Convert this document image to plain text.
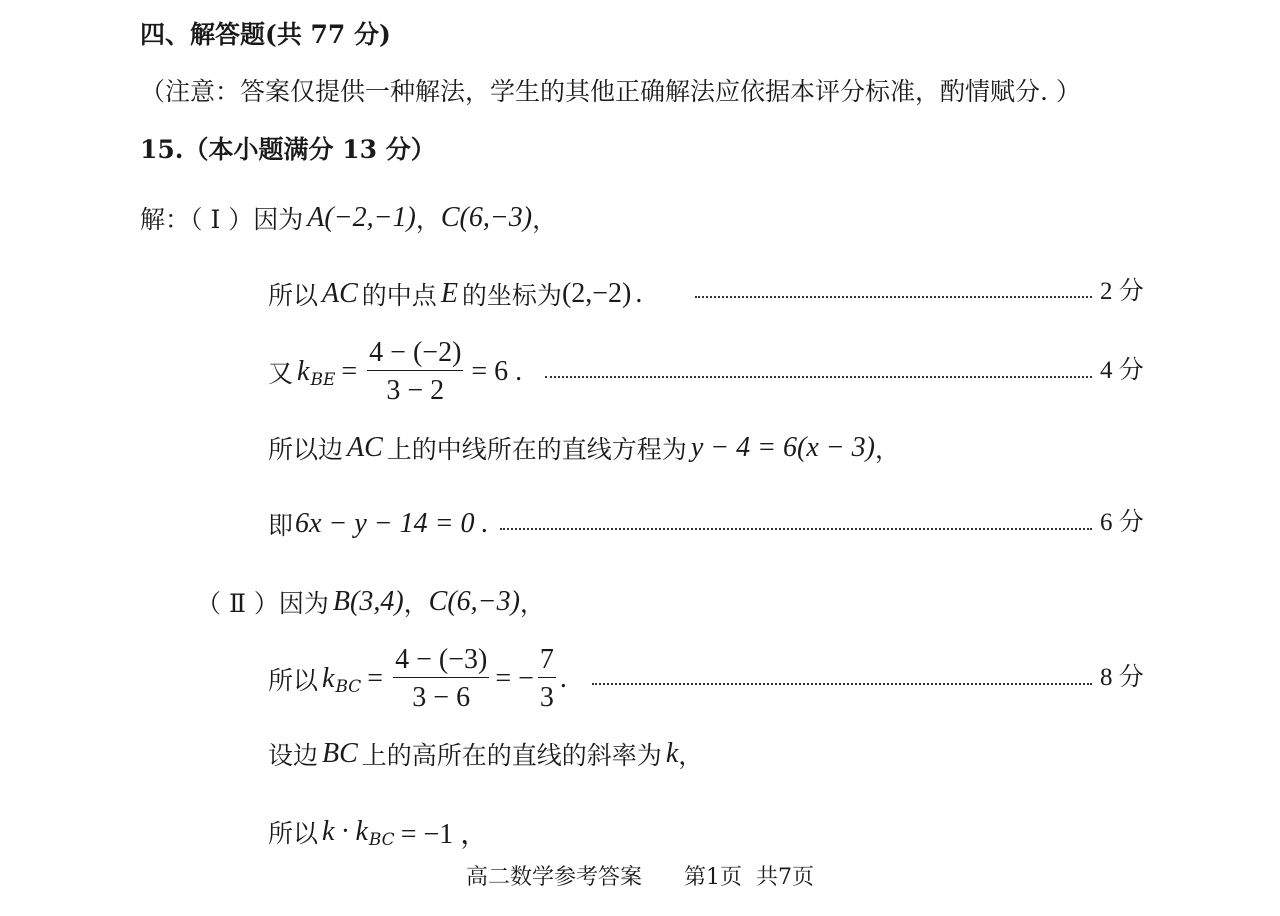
四、解答题(共 77 分)
（注意：答案仅提供一种解法，学生的其他正确解法应依据本评分标准，酌情赋分. ）
15.（本小题满分 13 分）
解：（ Ⅰ ）因为 A(−2,−1) ， C(6,−3) ，
所以 AC 的中点 E 的坐标为 (2,−2) .	2 分
又 k BE = $\frac{4 - (-2)}{3 - 2} = 6$ .	4 分
所以边 AC 上的中线所在的直线方程为 y − 4 = 6(x − 3) ，
即 6x − y − 14 = 0 .	6 分
（ Ⅱ ）因为 B(3,4) ， C(6,−3) ，
所以 k BC = $\frac{4 - (-3)}{3 - 6}$ = − $\frac{7}{3}$ .	8 分
设边 BC 上的高所在的直线的斜率为 k ，
所以 k · k BC = −1 ，
高二数学参考答案      第1页  共7页
